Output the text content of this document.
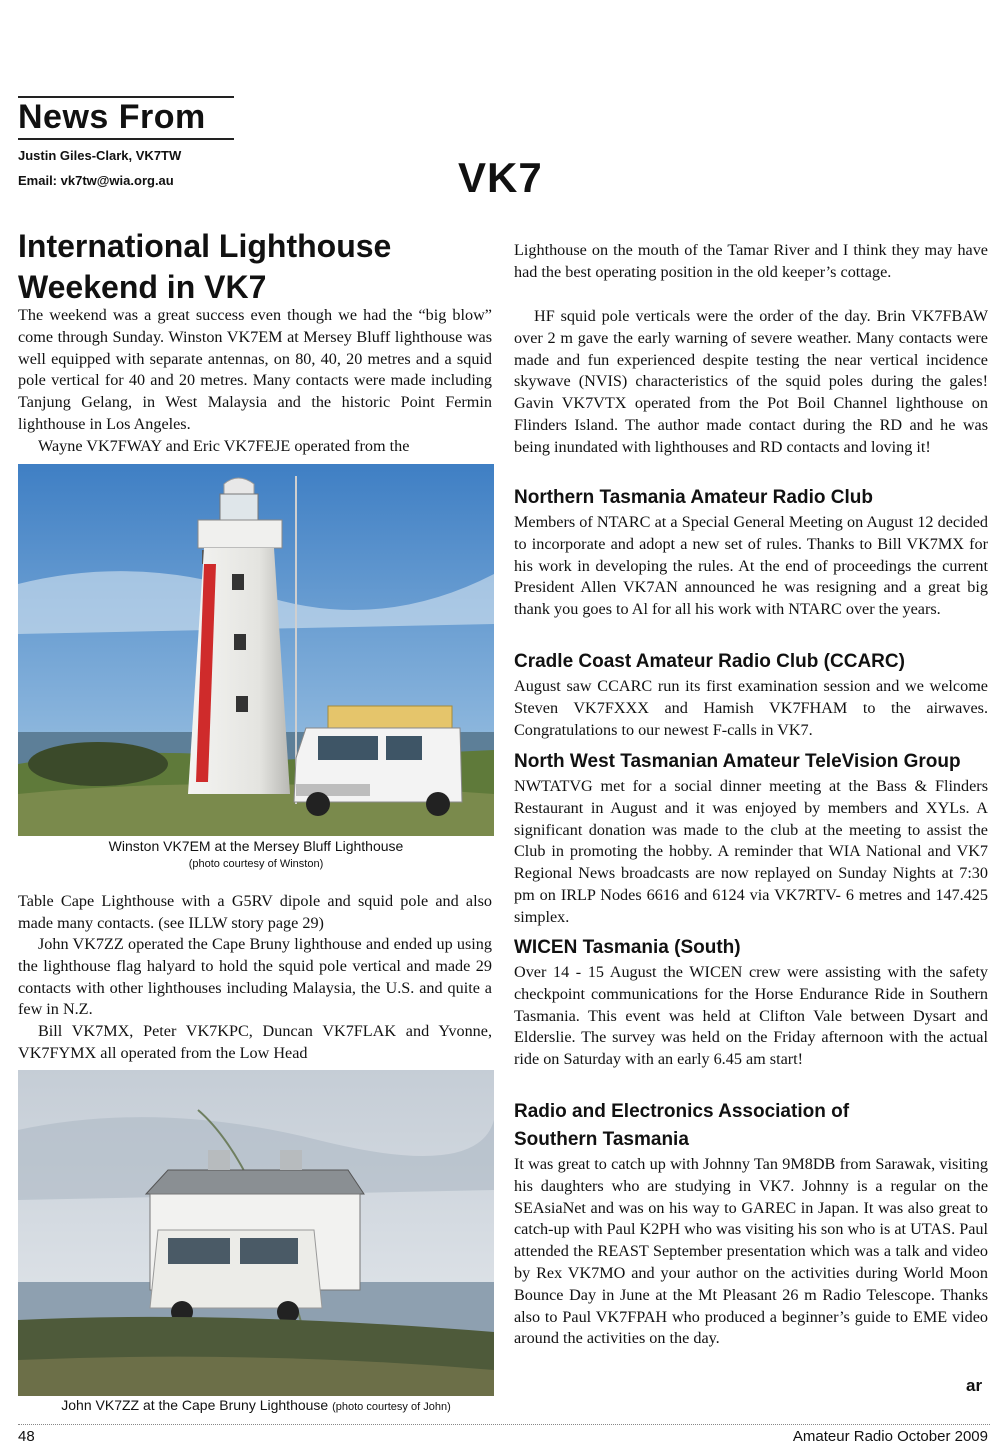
News From
Justin Giles-Clark, VK7TW
Email: vk7tw@wia.org.au	VK7
International Lighthouse Weekend in VK7

The weekend was a great success even though we had the “big blow” come through Sunday. Winston VK7EM at Mersey Bluff lighthouse was well equipped with separate antennas, on 80, 40, 20 metres and a squid pole vertical for 40 and 20 metres. Many contacts were made including Tanjung Gelang, in West Malaysia and the historic Point Fermin lighthouse in Los Angeles.

Wayne VK7FWAY and Eric VK7FEJE operated from the

Winston VK7EM at the Mersey Bluff Lighthouse
(photo courtesy of Winston)

Table Cape Lighthouse with a G5RV dipole and squid pole and also made many contacts. (see ILLW story page 29)

John VK7ZZ operated the Cape Bruny lighthouse and ended up using the lighthouse flag halyard to hold the squid pole vertical and made 29 contacts with other lighthouses including Malaysia, the U.S. and quite a few in N.Z.

Bill VK7MX, Peter VK7KPC, Duncan VK7FLAK and Yvonne, VK7FYMX all operated from the Low Head

John VK7ZZ at the Cape Bruny Lighthouse (photo courtesy of John)

Lighthouse on the mouth of the Tamar River and I think they may have had the best operating position in the old keeper’s cottage.

HF squid pole verticals were the order of the day. Brin VK7FBAW over 2 m gave the early warning of severe weather. Many contacts were made and fun experienced despite testing the near vertical incidence skywave (NVIS) characteristics of the squid poles during the gales! Gavin VK7VTX operated from the Pot Boil Channel lighthouse on Flinders Island. The author made contact during the RD and he was being inundated with lighthouses and RD contacts and loving it!

Northern Tasmania Amateur Radio Club

Members of NTARC at a Special General Meeting on August 12 decided to incorporate and adopt a new set of rules. Thanks to Bill VK7MX for his work in developing the rules. At the end of proceedings the current President Allen VK7AN announced he was resigning and a great big thank you goes to Al for all his work with NTARC over the years.

Cradle Coast Amateur Radio Club (CCARC)

August saw CCARC run its first examination session and we welcome Steven VK7FXXX and Hamish VK7FHAM to the airwaves. Congratulations to our newest F-calls in VK7.

North West Tasmanian Amateur TeleVision Group

NWTATVG met for a social dinner meeting at the Bass & Flinders Restaurant in August and it was enjoyed by members and XYLs. A significant donation was made to the club at the meeting to assist the Club in promoting the hobby. A reminder that WIA National and VK7 Regional News broadcasts are now replayed on Sunday Nights at 7:30 pm on IRLP Nodes 6616 and 6124 via VK7RTV- 6 metres and 147.425 simplex.

WICEN Tasmania (South)

Over 14 - 15 August the WICEN crew were assisting with the safety checkpoint communications for the Horse Endurance Ride in Southern Tasmania. This event was held at Clifton Vale between Dysart and Elderslie. The survey was held on the Friday afternoon with the actual ride on Saturday with an early 6.45 am start!

Radio and Electronics Association of
Southern Tasmania

It was great to catch up with Johnny Tan 9M8DB from Sarawak, visiting his daughters who are studying in VK7. Johnny is a regular on the SEAsiaNet and was on his way to GAREC in Japan. It was also great to catch-up with Paul K2PH who was visiting his son who is at UTAS. Paul attended the REAST September presentation which was a talk and video by Rex VK7MO and your author on the activities during World Moon Bounce Day in June at the Mt Pleasant 26 m Radio Telescope. Thanks also to Paul VK7FPAH who produced a beginner’s guide to EME video around the activities on the day.

ar
48	Amateur Radio October 2009
